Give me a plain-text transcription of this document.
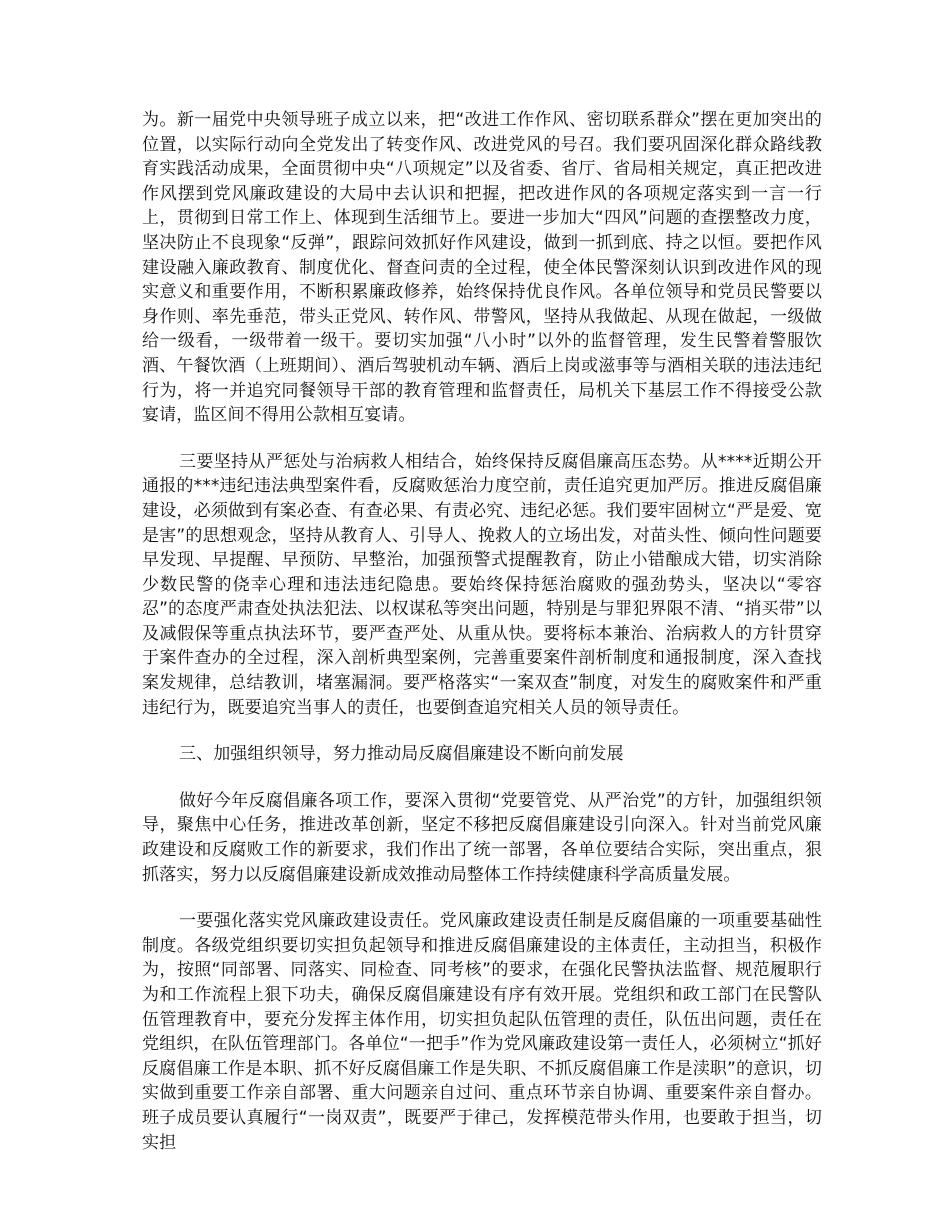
为。新一届党中央领导班子成立以来，把“改进工作作风、密切联系群众”摆在更加突出的位置，以实际行动向全党发出了转变作风、改进党风的号召。我们要巩固深化群众路线教育实践活动成果，全面贯彻中央“八项规定”以及省委、省厅、省局相关规定，真正把改进作风摆到党风廉政建设的大局中去认识和把握，把改进作风的各项规定落实到一言一行上，贯彻到日常工作上、体现到生活细节上。要进一步加大“四风”问题的查摆整改力度，坚决防止不良现象“反弹”，跟踪问效抓好作风建设，做到一抓到底、持之以恒。要把作风建设融入廉政教育、制度优化、督查问责的全过程，使全体民警深刻认识到改进作风的现实意义和重要作用，不断积累廉政修养，始终保持优良作风。各单位领导和党员民警要以身作则、率先垂范，带头正党风、转作风、带警风，坚持从我做起、从现在做起，一级做给一级看，一级带着一级干。要切实加强“八小时”以外的监督管理，发生民警着警服饮酒、午餐饮酒（上班期间）、酒后驾驶机动车辆、酒后上岗或滋事等与酒相关联的违法违纪行为，将一并追究同餐领导干部的教育管理和监督责任，局机关下基层工作不得接受公款宴请，监区间不得用公款相互宴请。

三要坚持从严惩处与治病救人相结合，始终保持反腐倡廉高压态势。从****近期公开通报的***违纪违法典型案件看，反腐败惩治力度空前，责任追究更加严厉。推进反腐倡廉建设，必须做到有案必查、有查必果、有责必究、违纪必惩。我们要牢固树立“严是爱、宽是害”的思想观念，坚持从教育人、引导人、挽救人的立场出发，对苗头性、倾向性问题要早发现、早提醒、早预防、早整治，加强预警式提醒教育，防止小错酿成大错，切实消除少数民警的侥幸心理和违法违纪隐患。要始终保持惩治腐败的强劲势头，坚决以“零容忍”的态度严肃查处执法犯法、以权谋私等突出问题，特别是与罪犯界限不清、“捎买带”以及减假保等重点执法环节，要严查严处、从重从快。要将标本兼治、治病救人的方针贯穿于案件查办的全过程，深入剖析典型案例，完善重要案件剖析制度和通报制度，深入查找案发规律，总结教训，堵塞漏洞。要严格落实“一案双查”制度，对发生的腐败案件和严重违纪行为，既要追究当事人的责任，也要倒查追究相关人员的领导责任。

三、加强组织领导，努力推动局反腐倡廉建设不断向前发展

做好今年反腐倡廉各项工作，要深入贯彻“党要管党、从严治党”的方针，加强组织领导，聚焦中心任务，推进改革创新，坚定不移把反腐倡廉建设引向深入。针对当前党风廉政建设和反腐败工作的新要求，我们作出了统一部署，各单位要结合实际，突出重点，狠抓落实，努力以反腐倡廉建设新成效推动局整体工作持续健康科学高质量发展。

一要强化落实党风廉政建设责任。党风廉政建设责任制是反腐倡廉的一项重要基础性制度。各级党组织要切实担负起领导和推进反腐倡廉建设的主体责任，主动担当，积极作为，按照“同部署、同落实、同检查、同考核”的要求，在强化民警执法监督、规范履职行为和工作流程上狠下功夫，确保反腐倡廉建设有序有效开展。党组织和政工部门在民警队伍管理教育中，要充分发挥主体作用，切实担负起队伍管理的责任，队伍出问题，责任在党组织，在队伍管理部门。各单位“一把手”作为党风廉政建设第一责任人，必须树立“抓好反腐倡廉工作是本职、抓不好反腐倡廉工作是失职、不抓反腐倡廉工作是渎职”的意识，切实做到重要工作亲自部署、重大问题亲自过问、重点环节亲自协调、重要案件亲自督办。班子成员要认真履行“一岗双责”，既要严于律己，发挥模范带头作用，也要敢于担当，切实担
